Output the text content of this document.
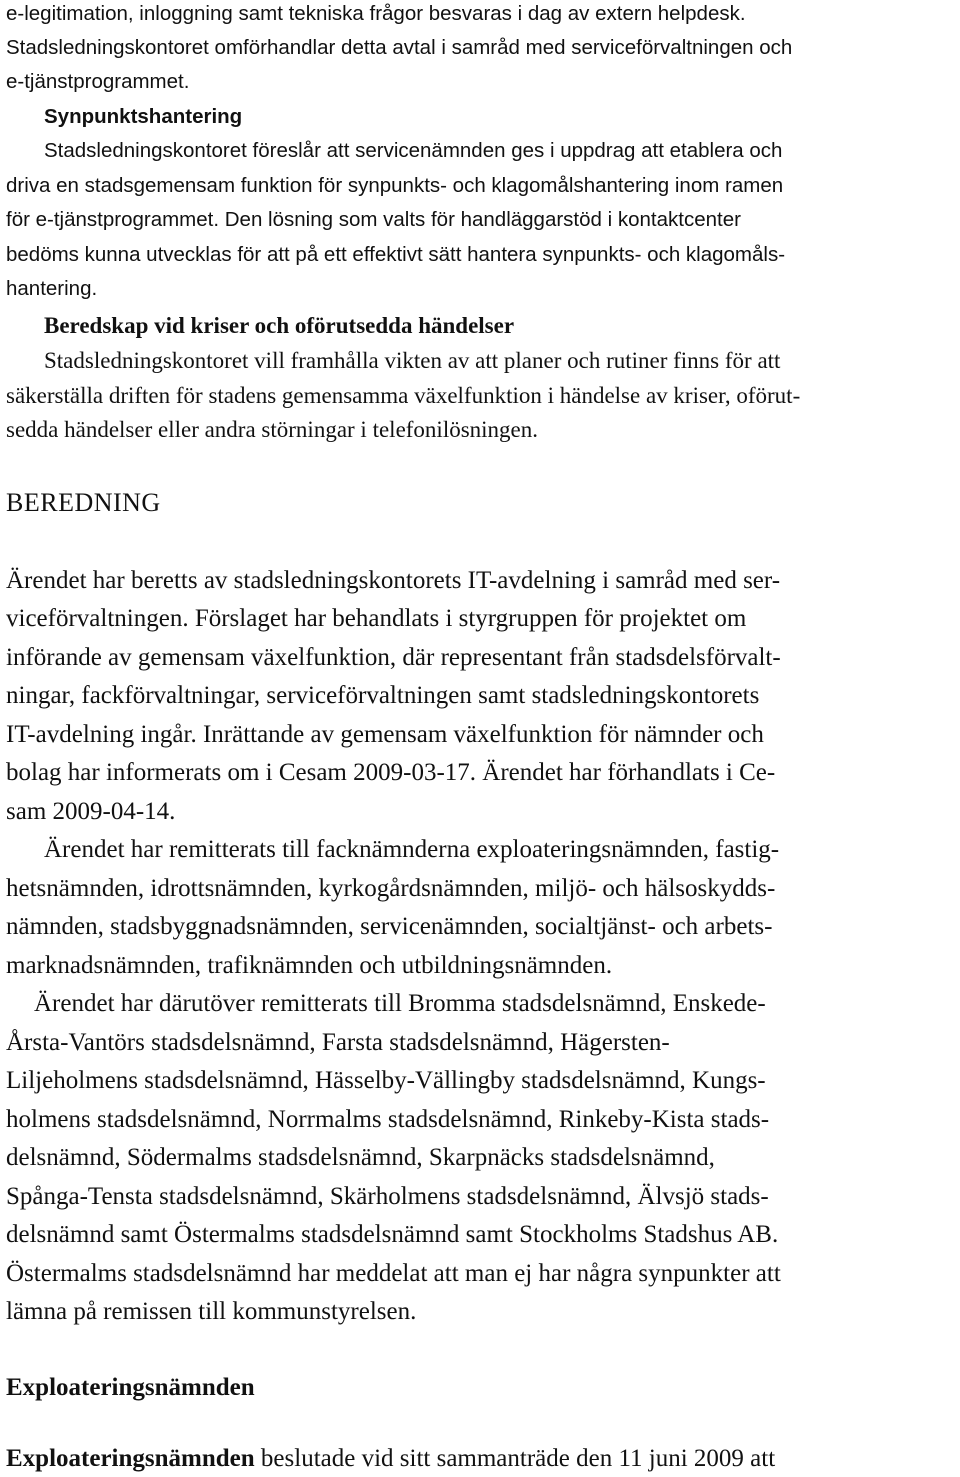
e-legitimation, inloggning samt tekniska frågor besvaras i dag av extern helpdesk.
Stadsledningskontoret omförhandlar detta avtal i samråd med serviceförvaltningen och
e-tjänstprogrammet.
Synpunktshantering
Stadsledningskontoret föreslår att servicenämnden ges i uppdrag att etablera och
driva en stadsgemensam funktion för synpunkts- och klagomålshantering inom ramen
för e-tjänstprogrammet. Den lösning som valts för handläggarstöd i kontaktcenter
bedöms kunna utvecklas för att på ett effektivt sätt hantera synpunkts- och klagomåls-
hantering.
Beredskap vid kriser och oförutsedda händelser
Stadsledningskontoret vill framhålla vikten av att planer och rutiner finns för att
säkerställa driften för stadens gemensamma växelfunktion i händelse av kriser, oförut-
sedda händelser eller andra störningar i telefonilösningen.
BEREDNING
Ärendet har beretts av stadsledningskontorets IT-avdelning i samråd med ser-
viceförvaltningen. Förslaget har behandlats i styrgruppen för projektet om
införande av gemensam växelfunktion, där representant från stadsdelsförvalt-
ningar, fackförvaltningar, serviceförvaltningen samt stadsledningskontorets
IT-avdelning ingår. Inrättande av gemensam växelfunktion för nämnder och
bolag har informerats om i Cesam 2009-03-17. Ärendet har förhandlats i Ce-
sam 2009-04-14.
Ärendet har remitterats till facknämnderna exploateringsnämnden, fastig-
hetsnämnden, idrottsnämnden, kyrkogårdsnämnden, miljö- och hälsoskydds-
nämnden, stadsbyggnadsnämnden, servicenämnden, socialtjänst- och arbets-
marknadsnämnden, trafiknämnden och utbildningsnämnden.
Ärendet har därutöver remitterats till Bromma stadsdelsnämnd, Enskede-
Årsta-Vantörs stadsdelsnämnd, Farsta stadsdelsnämnd, Hägersten-
Liljeholmens stadsdelsnämnd, Hässelby-Vällingby stadsdelsnämnd, Kungs-
holmens stadsdelsnämnd, Norrmalms stadsdelsnämnd, Rinkeby-Kista stads-
delsnämnd, Södermalms stadsdelsnämnd, Skarpnäcks stadsdelsnämnd,
Spånga-Tensta stadsdelsnämnd, Skärholmens stadsdelsnämnd, Älvsjö stads-
delsnämnd samt Östermalms stadsdelsnämnd samt Stockholms Stadshus AB.
Östermalms stadsdelsnämnd har meddelat att man ej har några synpunkter att
lämna på remissen till kommunstyrelsen.
Exploateringsnämnden
Exploateringsnämnden beslutade vid sitt sammanträde den 11 juni 2009 att
